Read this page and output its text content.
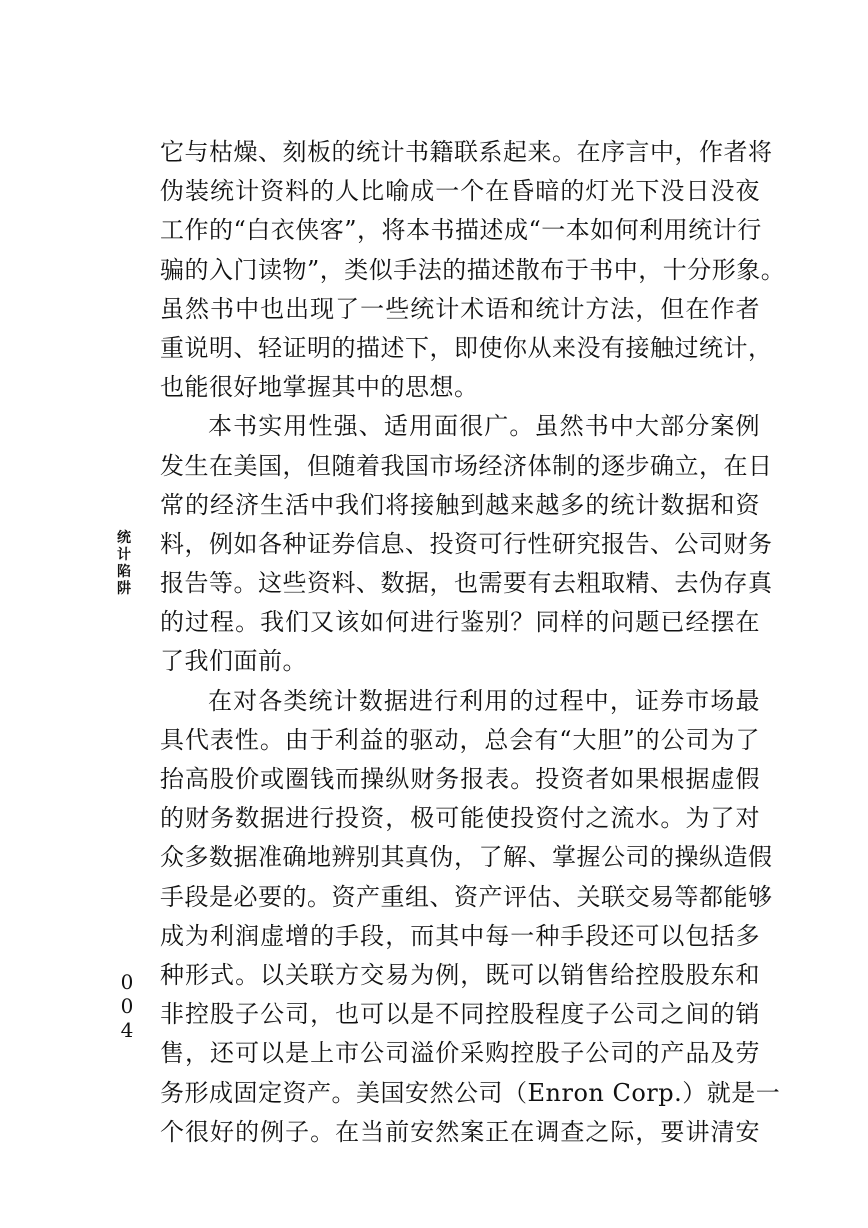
统
计
陷
阱
0
0
4
它与枯燥、刻板的统计书籍联系起来。在序言中，作者将
伪装统计资料的人比喻成一个在昏暗的灯光下没日没夜
工作的“白衣侠客”，将本书描述成“一本如何利用统计行
骗的入门读物”，类似手法的描述散布于书中，十分形象。
虽然书中也出现了一些统计术语和统计方法，但在作者
重说明、轻证明的描述下，即使你从来没有接触过统计，
也能很好地掌握其中的思想。
本书实用性强、适用面很广。虽然书中大部分案例
发生在美国，但随着我国市场经济体制的逐步确立，在日
常的经济生活中我们将接触到越来越多的统计数据和资
料，例如各种证券信息、投资可行性研究报告、公司财务
报告等。这些资料、数据，也需要有去粗取精、去伪存真
的过程。我们又该如何进行鉴别？同样的问题已经摆在
了我们面前。
在对各类统计数据进行利用的过程中，证券市场最
具代表性。由于利益的驱动，总会有“大胆”的公司为了
抬高股价或圈钱而操纵财务报表。投资者如果根据虚假
的财务数据进行投资，极可能使投资付之流水。为了对
众多数据准确地辨别其真伪，了解、掌握公司的操纵造假
手段是必要的。资产重组、资产评估、关联交易等都能够
成为利润虚增的手段，而其中每一种手段还可以包括多
种形式。以关联方交易为例，既可以销售给控股股东和
非控股子公司，也可以是不同控股程度子公司之间的销
售，还可以是上市公司溢价采购控股子公司的产品及劳
务形成固定资产。美国安然公司（Enron Corp.）就是一
个很好的例子。在当前安然案正在调查之际，要讲清安
